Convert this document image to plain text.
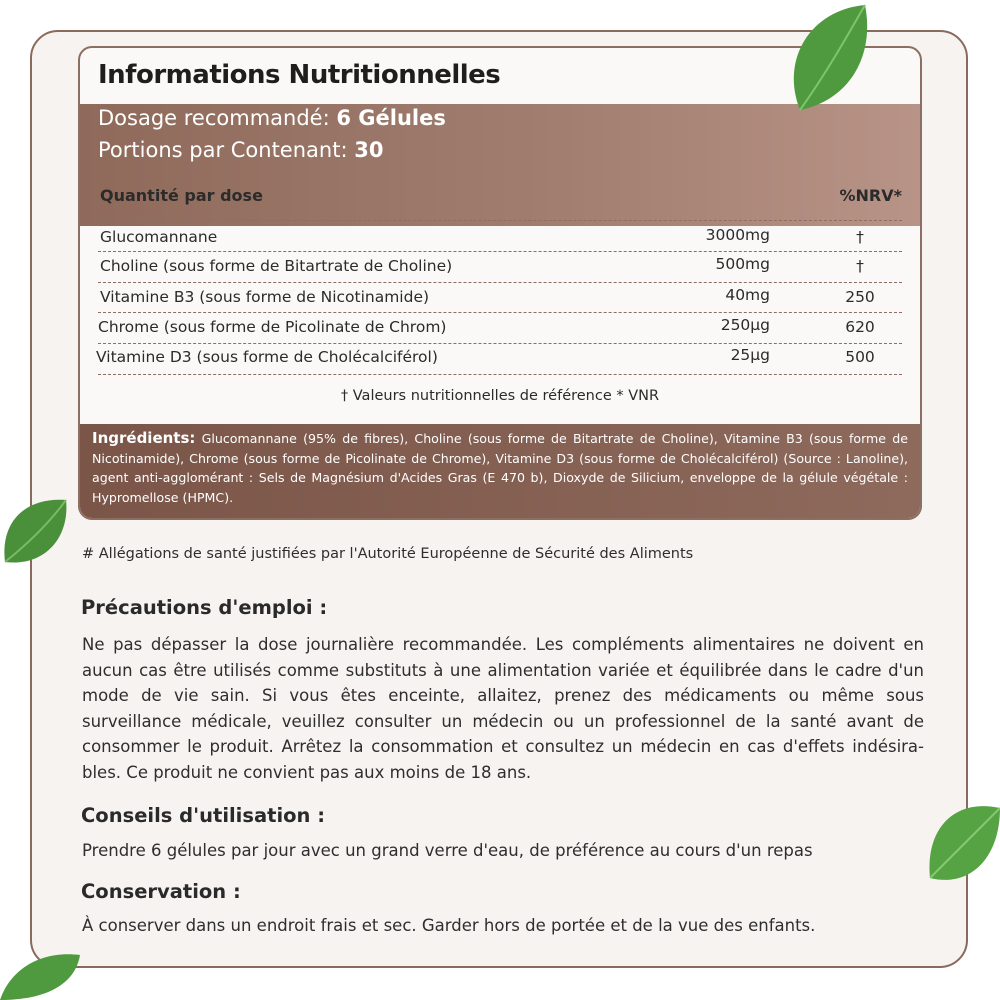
Informations Nutritionnelles
Dosage recommandé: 6 Gélules
Portions par Contenant: 30
Quantité par dose	%NRV*
Glucomannane	3000mg	†
Choline (sous forme de Bitartrate de Choline)	500mg	†
Vitamine B3 (sous forme de Nicotinamide)	40mg	250
Chrome (sous forme de Picolinate de Chrom)	250µg	620
Vitamine D3 (sous forme de Cholécalciférol)	25µg	500
† Valeurs nutritionnelles de référence * VNR
Ingrédients: Glucomannane (95% de fibres), Choline (sous forme de Bitartrate de Choline), Vitamine B3 (sous forme de Nicotinamide), Chrome (sous forme de Picolinate de Chrome), Vitamine D3 (sous forme de Cholécalciférol) (Source : Lanoline), agent anti-agglomérant : Sels de Magnésium d'Acides Gras (E 470 b), Dioxyde de Silicium, enveloppe de la gélule végétale : Hypromellose (HPMC).
# Allégations de santé justifiées par l'Autorité Européenne de Sécurité des Aliments
Précautions d'emploi :
Ne pas dépasser la dose journalière recommandée. Les compléments alimentaires ne doivent en aucun cas être utilisés comme substituts à une alimentation variée et équilibrée dans le cadre d'un mode de vie sain. Si vous êtes enceinte, allaitez, prenez des médicaments ou même sous surveillance médicale, veuillez consulter un médecin ou un professionnel de la santé avant de consommer le produit. Arrêtez la consommation et consultez un médecin en cas d'effets indésira-bles. Ce produit ne convient pas aux moins de 18 ans.
Conseils d'utilisation :
Prendre 6 gélules par jour avec un grand verre d'eau, de préférence au cours d'un repas
Conservation :
À conserver dans un endroit frais et sec. Garder hors de portée et de la vue des enfants.
